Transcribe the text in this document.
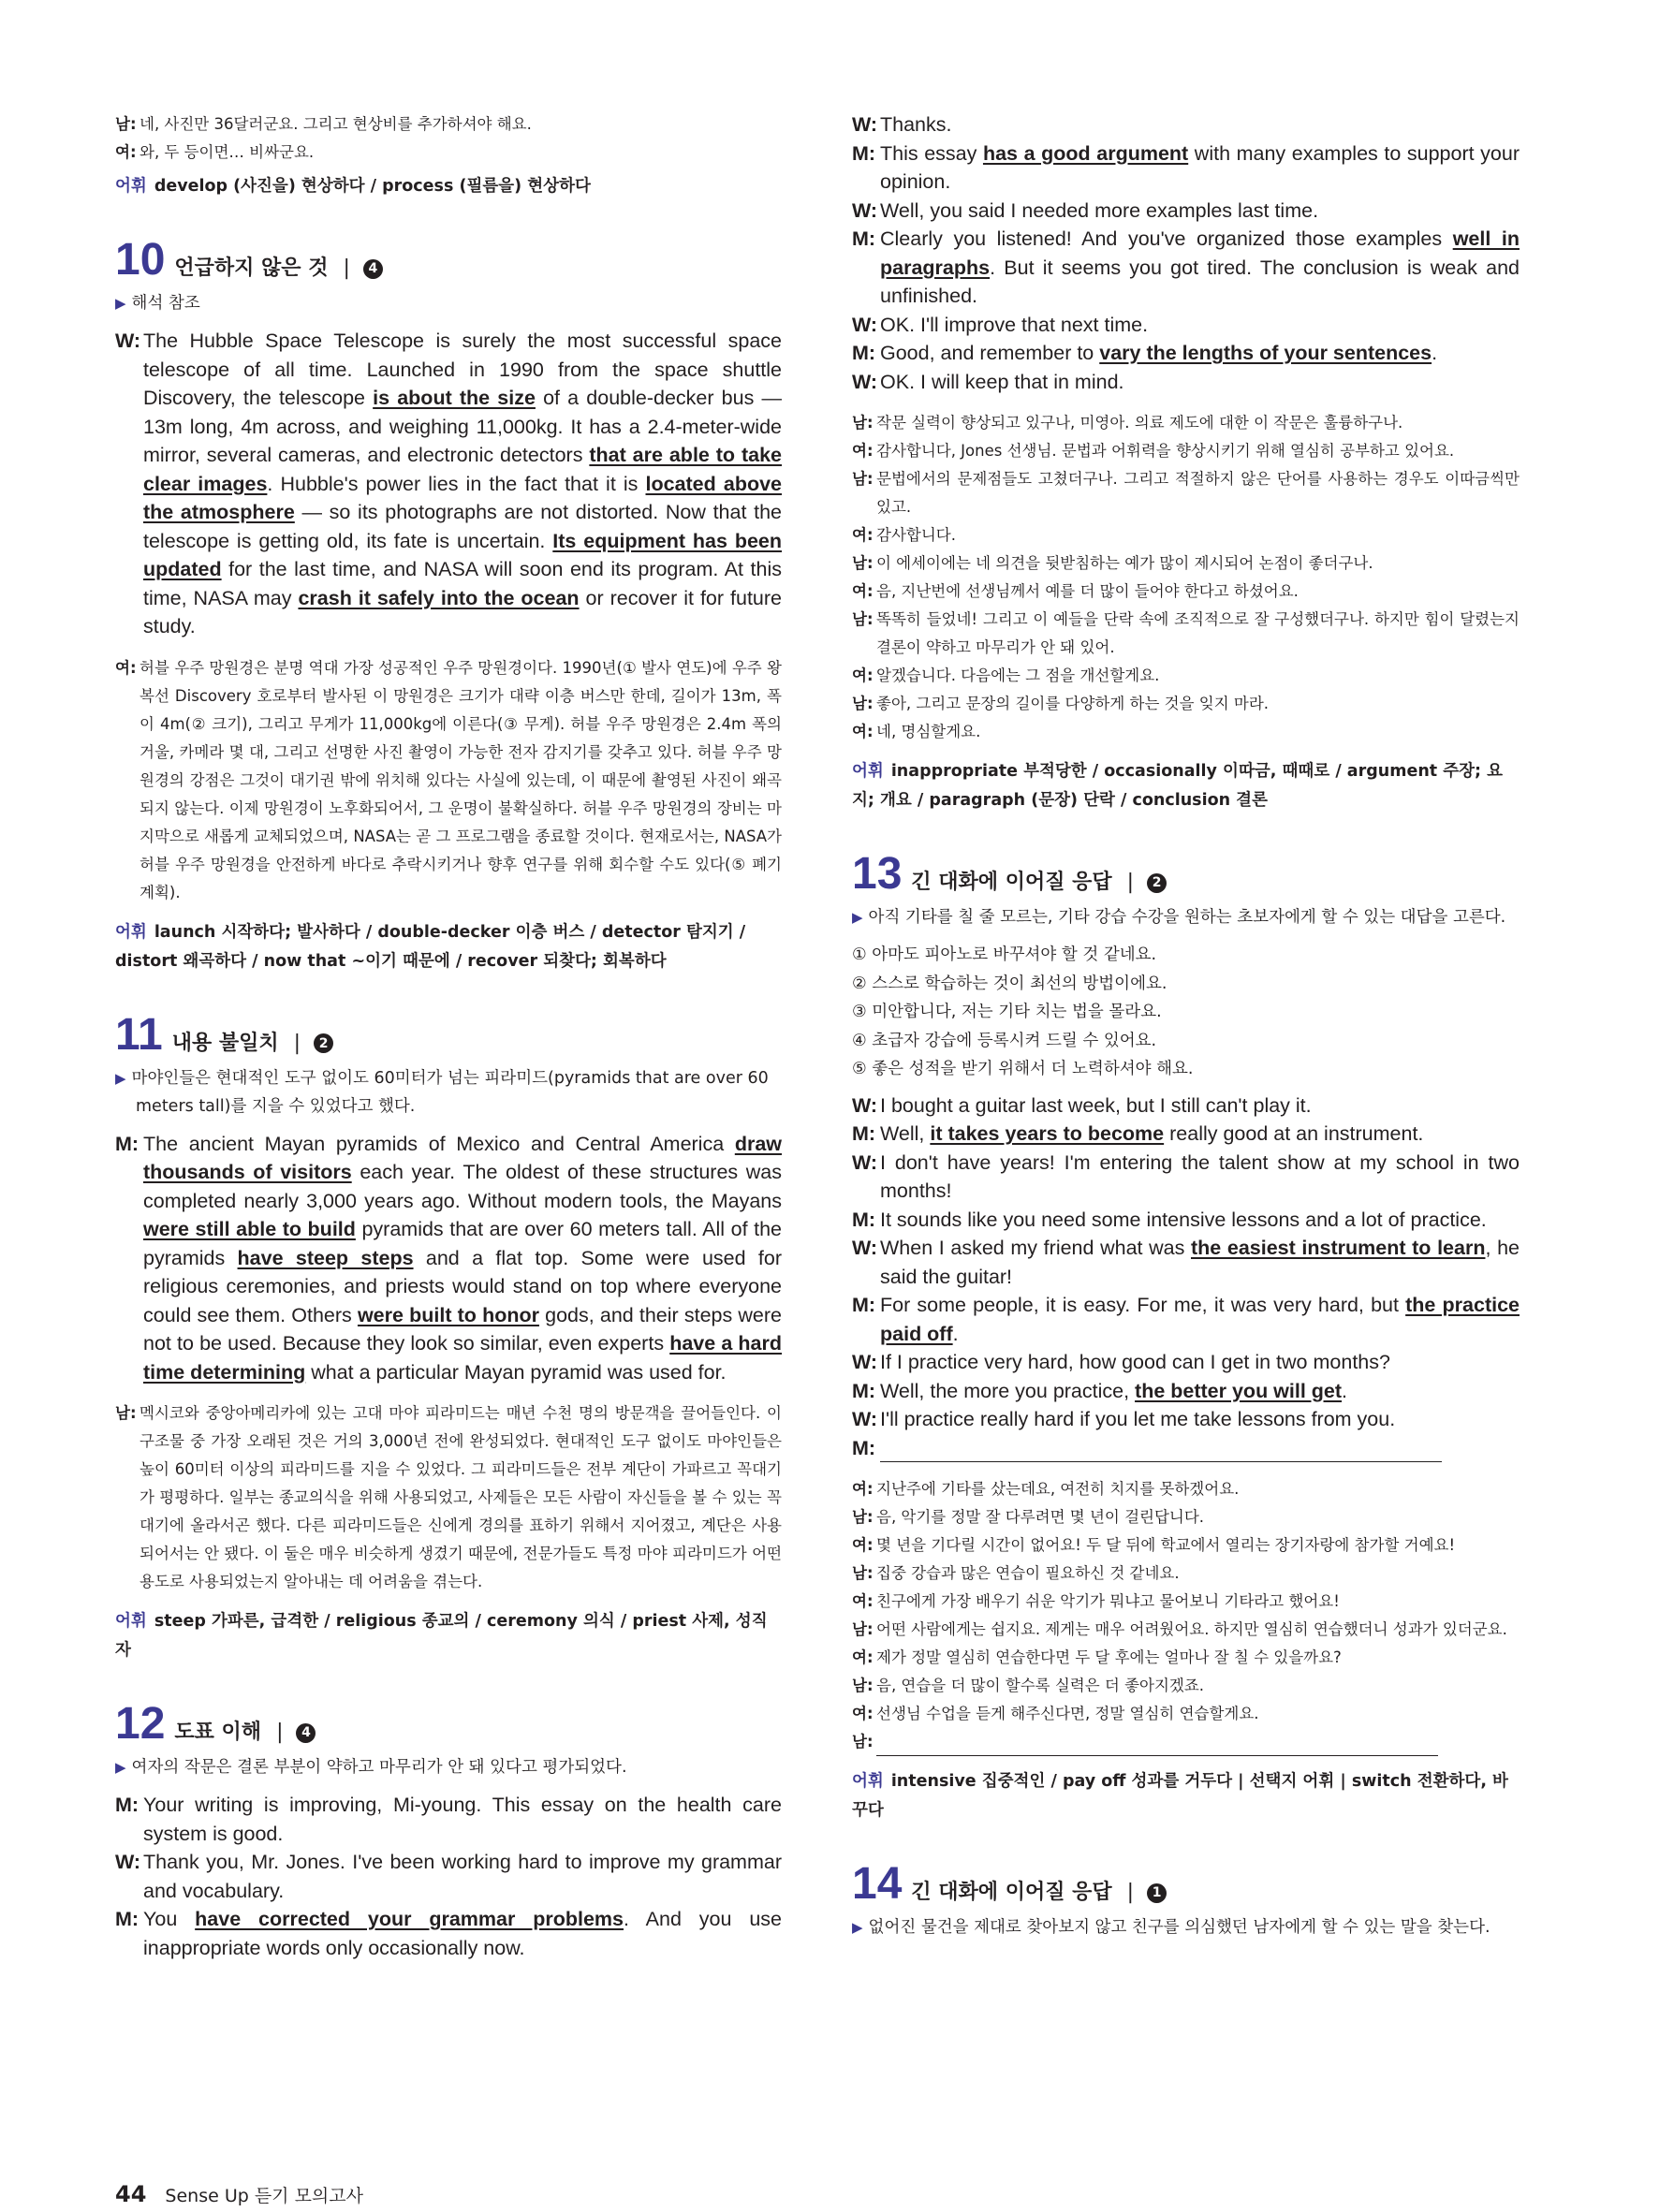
남: 네, 사진만 36달러군요. 그리고 현상비를 추가하셔야 해요.
여: 와, 두 등이면… 비싸군요.

어휘 develop (사진을) 현상하다 / process (필름을) 현상하다

10 언급하지 않은 것 |	4

▶ 해석 참조

W: The Hubble Space Telescope is surely the most successful space telescope of all time. Launched in 1990 from the space shuttle Discovery, the telescope is about the size of a double-decker bus — 13m long, 4m across, and weighing 11,000kg. It has a 2.4-meter-wide mirror, several cameras, and electronic detectors that are able to take clear images. Hubble's power lies in the fact that it is located above the atmosphere — so its photographs are not distorted. Now that the telescope is getting old, its fate is uncertain. Its equipment has been updated for the last time, and NASA will soon end its program. At this time, NASA may crash it safely into the ocean or recover it for future study.
여: 허블 우주 망원경은 분명 역대 가장 성공적인 우주 망원경이다. 1990년(① 발사 연도)에 우주 왕복선 Discovery 호로부터 발사된 이 망원경은 크기가 대략 이층 버스만 한데, 길이가 13m, 폭이 4m(② 크기), 그리고 무게가 11,000kg에 이른다(③ 무게). 허블 우주 망원경은 2.4m 폭의 거울, 카메라 몇 대, 그리고 선명한 사진 촬영이 가능한 전자 감지기를 갖추고 있다. 허블 우주 망원경의 강점은 그것이 대기권 밖에 위치해 있다는 사실에 있는데, 이 때문에 촬영된 사진이 왜곡되지 않는다. 이제 망원경이 노후화되어서, 그 운명이 불확실하다. 허블 우주 망원경의 장비는 마지막으로 새롭게 교체되었으며, NASA는 곧 그 프로그램을 종료할 것이다. 현재로서는, NASA가 허블 우주 망원경을 안전하게 바다로 추락시키거나 향후 연구를 위해 회수할 수도 있다(⑤ 폐기 계획).

어휘 launch 시작하다; 발사하다 / double-decker 이층 버스 / detector 탐지기 / distort 왜곡하다 / now that ~이기 때문에 / recover 되찾다; 회복하다

11 내용 불일치 |	2

▶ 마야인들은 현대적인 도구 없이도 60미터가 넘는 피라미드(pyramids that are over 60 meters tall)를 지을 수 있었다고 했다.

M: The ancient Mayan pyramids of Mexico and Central America draw thousands of visitors each year. The oldest of these structures was completed nearly 3,000 years ago. Without modern tools, the Mayans were still able to build pyramids that are over 60 meters tall. All of the pyramids have steep steps and a flat top. Some were used for religious ceremonies, and priests would stand on top where everyone could see them. Others were built to honor gods, and their steps were not to be used. Because they look so similar, even experts have a hard time determining what a particular Mayan pyramid was used for.
남: 멕시코와 중앙아메리카에 있는 고대 마야 피라미드는 매년 수천 명의 방문객을 끌어들인다. 이 구조물 중 가장 오래된 것은 거의 3,000년 전에 완성되었다. 현대적인 도구 없이도 마야인들은 높이 60미터 이상의 피라미드를 지을 수 있었다. 그 피라미드들은 전부 계단이 가파르고 꼭대기가 평평하다. 일부는 종교의식을 위해 사용되었고, 사제들은 모든 사람이 자신들을 볼 수 있는 꼭대기에 올라서곤 했다. 다른 피라미드들은 신에게 경의를 표하기 위해서 지어졌고, 계단은 사용되어서는 안 됐다. 이 둘은 매우 비슷하게 생겼기 때문에, 전문가들도 특정 마야 피라미드가 어떤 용도로 사용되었는지 알아내는 데 어려움을 겪는다.

어휘 steep 가파른, 급격한 / religious 종교의 / ceremony 의식 / priest 사제, 성직자

12 도표 이해 |	4

▶ 여자의 작문은 결론 부분이 약하고 마무리가 안 돼 있다고 평가되었다.

M: Your writing is improving, Mi-young. This essay on the health care system is good.
W: Thank you, Mr. Jones. I've been working hard to improve my grammar and vocabulary.
M: You have corrected your grammar problems. And you use inappropriate words only occasionally now.
W: Thanks.
M: This essay has a good argument with many examples to support your opinion.
W: Well, you said I needed more examples last time.
M: Clearly you listened! And you've organized those examples well in paragraphs. But it seems you got tired. The conclusion is weak and unfinished.
W: OK. I'll improve that next time.
M: Good, and remember to vary the lengths of your sentences.
W: OK. I will keep that in mind.
남: 작문 실력이 향상되고 있구나, 미영아. 의료 제도에 대한 이 작문은 훌륭하구나.
여: 감사합니다, Jones 선생님. 문법과 어휘력을 향상시키기 위해 열심히 공부하고 있어요.
남: 문법에서의 문제점들도 고쳤더구나. 그리고 적절하지 않은 단어를 사용하는 경우도 이따금씩만 있고.
여: 감사합니다.
남: 이 에세이에는 네 의견을 뒷받침하는 예가 많이 제시되어 논점이 좋더구나.
여: 음, 지난번에 선생님께서 예를 더 많이 들어야 한다고 하셨어요.
남: 똑똑히 들었네! 그리고 이 예들을 단락 속에 조직적으로 잘 구성했더구나. 하지만 힘이 달렸는지 결론이 약하고 마무리가 안 돼 있어.
여: 알겠습니다. 다음에는 그 점을 개선할게요.
남: 좋아, 그리고 문장의 길이를 다양하게 하는 것을 잊지 마라.
여: 네, 명심할게요.

어휘 inappropriate 부적당한 / occasionally 이따금, 때때로 / argument 주장; 요지; 개요 / paragraph (문장) 단락 / conclusion 결론

13 긴 대화에 이어질 응답 |	2

▶ 아직 기타를 칠 줄 모르는, 기타 강습 수강을 원하는 초보자에게 할 수 있는 대답을 고른다.

① 아마도 피아노로 바꾸셔야 할 것 같네요.

② 스스로 학습하는 것이 최선의 방법이에요.

③ 미안합니다, 저는 기타 치는 법을 몰라요.

④ 초급자 강습에 등록시켜 드릴 수 있어요.

⑤ 좋은 성적을 받기 위해서 더 노력하셔야 해요.

W: I bought a guitar last week, but I still can't play it.
M: Well, it takes years to become really good at an instrument.
W: I don't have years! I'm entering the talent show at my school in two months!
M: It sounds like you need some intensive lessons and a lot of practice.
W: When I asked my friend what was the easiest instrument to learn, he said the guitar!
M: For some people, it is easy. For me, it was very hard, but the practice paid off.
W: If I practice very hard, how good can I get in two months?
M: Well, the more you practice, the better you will get.
W: I'll practice really hard if you let me take lessons from you.
M:
여: 지난주에 기타를 샀는데요, 여전히 치지를 못하겠어요.
남: 음, 악기를 정말 잘 다루려면 몇 년이 걸린답니다.
여: 몇 년을 기다릴 시간이 없어요! 두 달 뒤에 학교에서 열리는 장기자랑에 참가할 거예요!
남: 집중 강습과 많은 연습이 필요하신 것 같네요.
여: 친구에게 가장 배우기 쉬운 악기가 뭐냐고 물어보니 기타라고 했어요!
남: 어떤 사람에게는 쉽지요. 제게는 매우 어려웠어요. 하지만 열심히 연습했더니 성과가 있더군요.
여: 제가 정말 열심히 연습한다면 두 달 후에는 얼마나 잘 칠 수 있을까요?
남: 음, 연습을 더 많이 할수록 실력은 더 좋아지겠죠.
여: 선생님 수업을 듣게 해주신다면, 정말 열심히 연습할게요.
남:

어휘 intensive 집중적인 / pay off 성과를 거두다 | 선택지 어휘 | switch 전환하다, 바꾸다

14 긴 대화에 이어질 응답 |	1

▶ 없어진 물건을 제대로 찾아보지 않고 친구를 의심했던 남자에게 할 수 있는 말을 찾는다.

44 Sense Up 듣기 모의고사
